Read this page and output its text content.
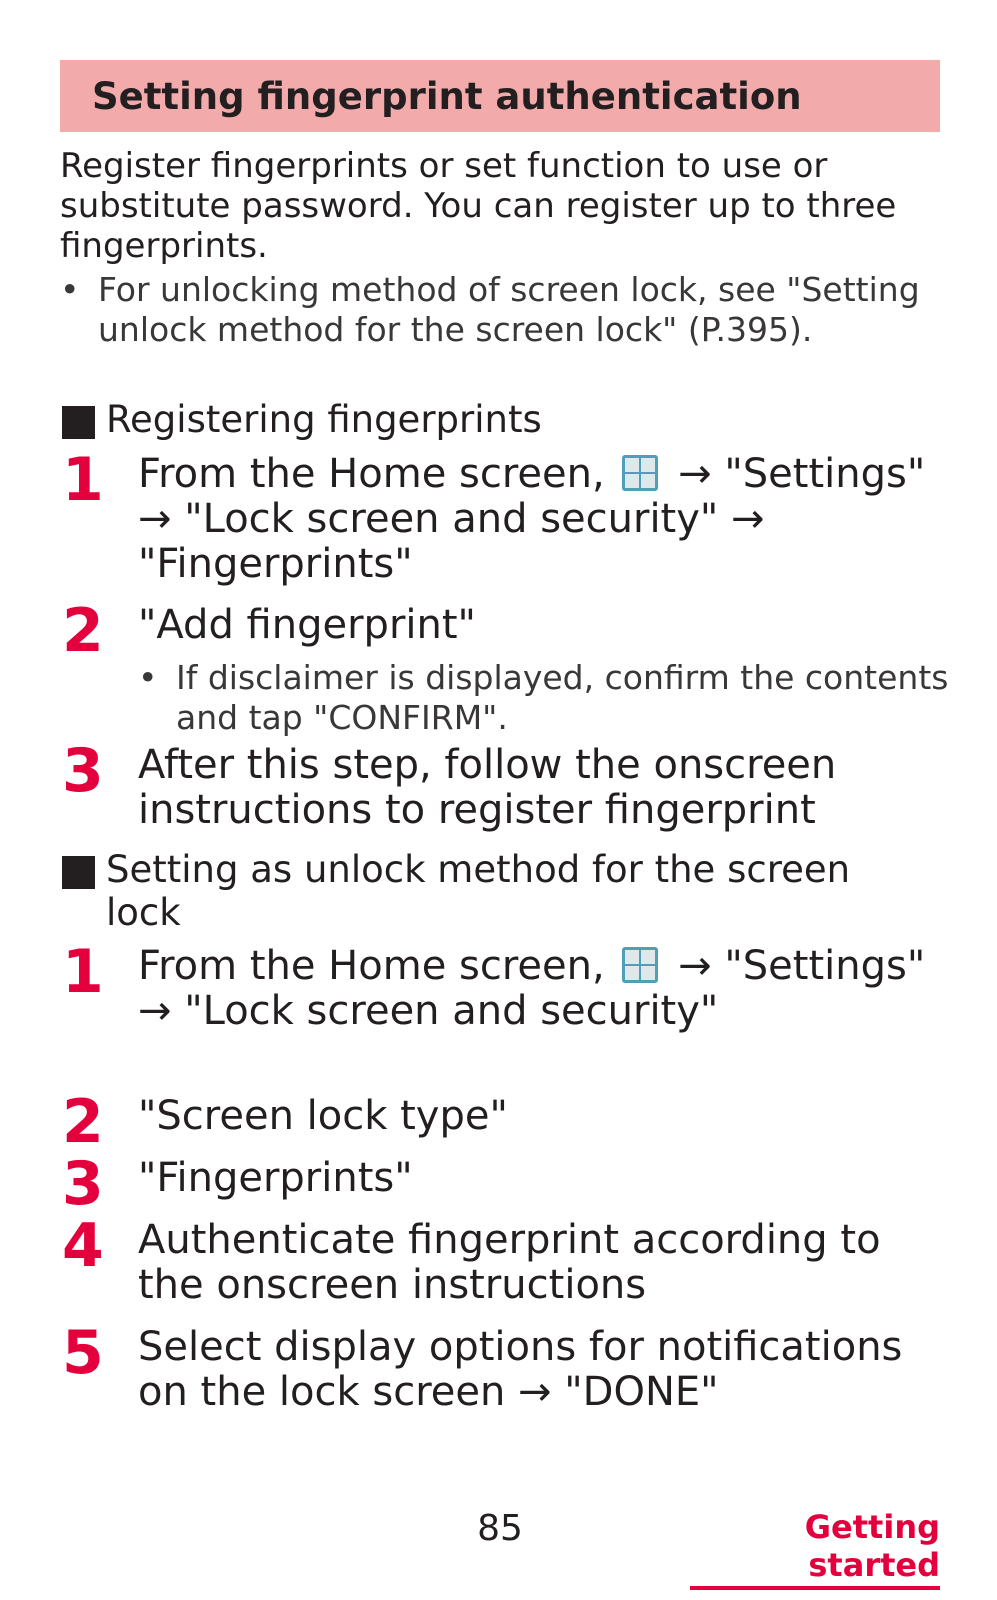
Setting fingerprint authentication

Register fingerprints or set function to use or substitute password. You can register up to three fingerprints.

• For unlocking method of screen lock, see "Setting unlock method for the screen lock" (P.395).
Registering fingerprints
1 From the Home screen,  → "Settings" → "Lock screen and security" → "Fingerprints"
2 "Add fingerprint"
• If disclaimer is displayed, confirm the contents and tap "CONFIRM".
3 After this step, follow the onscreen instructions to register fingerprint
Setting as unlock method for the screen lock
1 From the Home screen,  → "Settings" → "Lock screen and security"
2 "Screen lock type"
3 "Fingerprints"
4 Authenticate fingerprint according to the onscreen instructions
5 Select display options for notifications on the lock screen → "DONE"
85	Getting started
